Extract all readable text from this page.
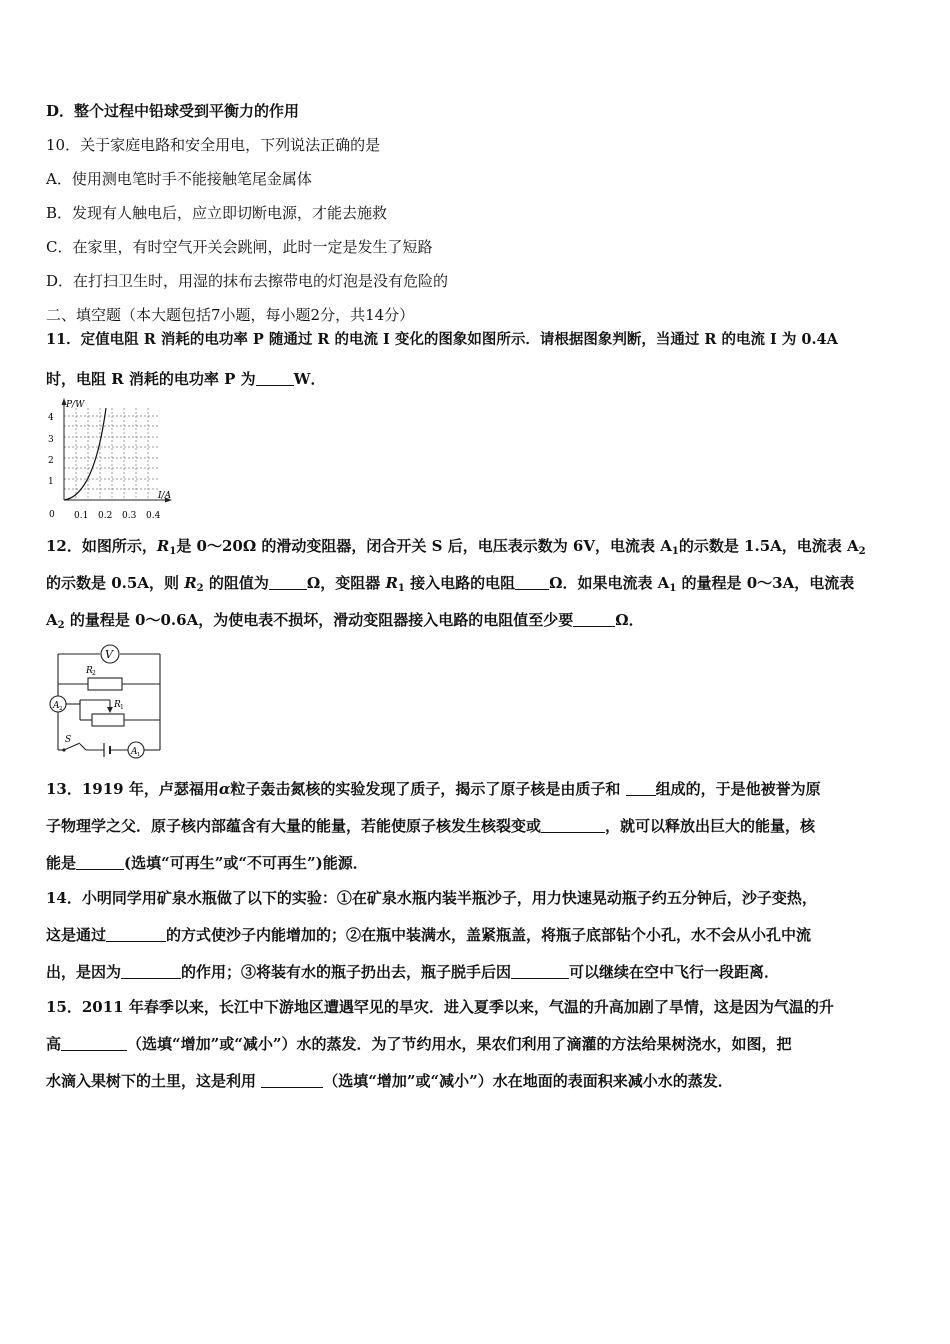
D．整个过程中铅球受到平衡力的作用
10．关于家庭电路和安全用电，下列说法正确的是
A．使用测电笔时手不能接触笔尾金属体
B．发现有人触电后，应立即切断电源，才能去施救
C．在家里，有时空气开关会跳闸，此时一定是发生了短路
D．在打扫卫生时，用湿的抹布去擦带电的灯泡是没有危险的
二、填空题（本大题包括7小题，每小题2分，共14分）
11．定值电阻 R 消耗的电功率 P 随通过 R 的电流 I 变化的图象如图所示．请根据图象判断，当通过 R 的电流 I 为 0.4A
时，电阻 R 消耗的电功率 P 为	W．
P/W
I/A
0
1
2
3
4
0.1 0.2 0.3 0.4
12．如图所示，$R_1$是 0～20Ω 的滑动变阻器，闭合开关 S 后，电压表示数为 6V，电流表 $A_1$的示数是 1.5A，电流表 $A_2$
的示数是 0.5A，则 $R_2$ 的阻值为	Ω，变阻器 $R_1$ 接入电路的电阻 Ω．如果电流表 $A_1$ 的量程是 0～3A，电流表
$A_2$ 的量程是 0～0.6A，为使电表不损坏，滑动变阻器接入电路的电阻值至少要	Ω．
V
R 2
R 1
A 2
A 1
S
13．1919 年，卢瑟福用α粒子轰击氮核的实验发现了质子，揭示了原子核是由质子和 组成的，于是他被誉为原
子物理学之父．原子核内部蕴含有大量的能量，若能使原子核发生核裂变或	，就可以释放出巨大的能量，核
能是	(选填“可再生”或“不可再生”)能源．
14．小明同学用矿泉水瓶做了以下的实验：①在矿泉水瓶内装半瓶沙子，用力快速晃动瓶子约五分钟后，沙子变热，
这是通过	的方式使沙子内能增加的；②在瓶中装满水，盖紧瓶盖，将瓶子底部钻个小孔，水不会从小孔中流
出，是因为	的作用；③将装有水的瓶子扔出去，瓶子脱手后因	可以继续在空中飞行一段距离．
15．2011 年春季以来，长江中下游地区遭遇罕见的旱灾．进入夏季以来，气温的升高加剧了旱情，这是因为气温的升
高	（选填“增加”或“减小”）水的蒸发．为了节约用水，果农们利用了滴灌的方法给果树浇水，如图，把
水滴入果树下的土里，这是利用	（选填“增加”或“减小”）水在地面的表面积来减小水的蒸发．
